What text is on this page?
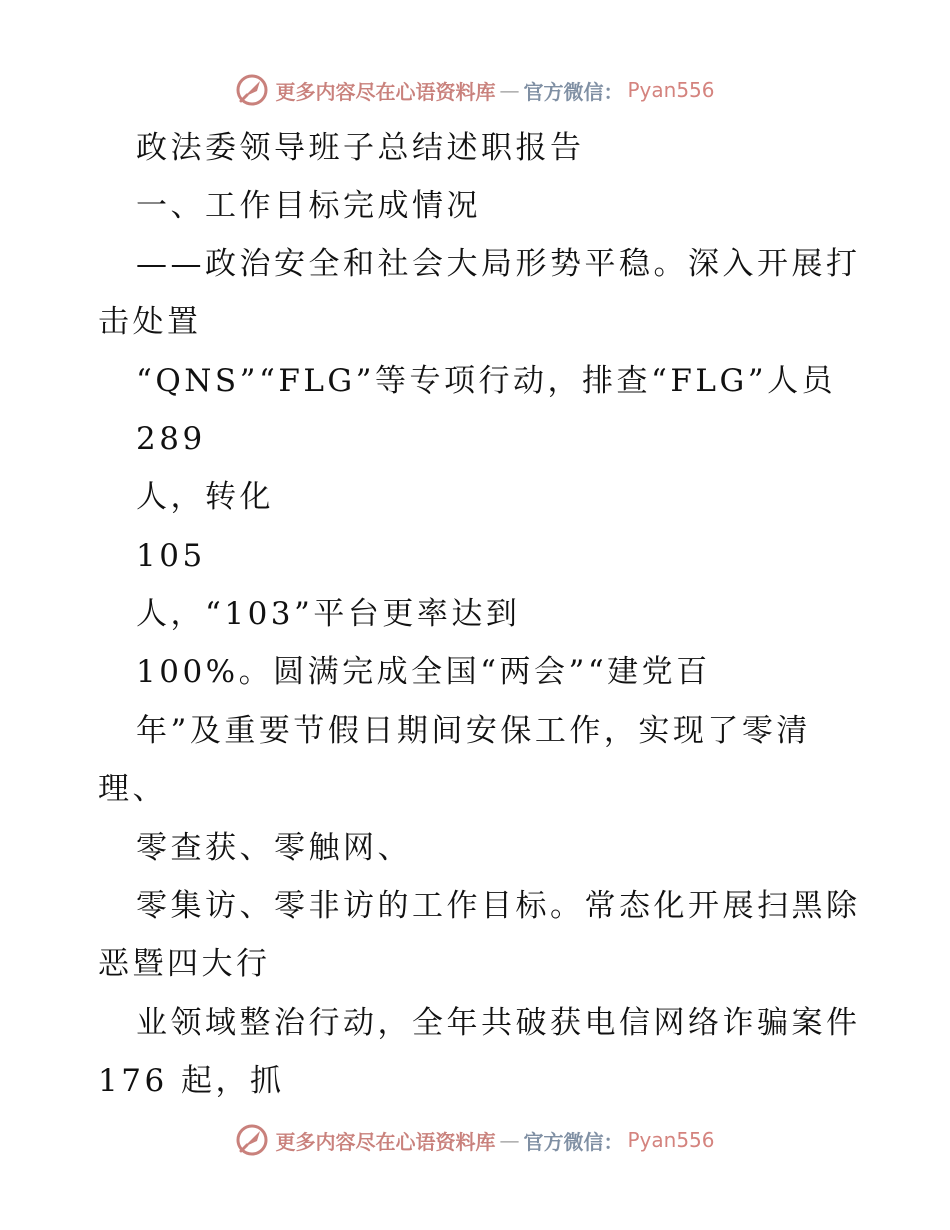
更多内容尽在心语资料库 — 官方微信： Pyan556
政法委领导班子总结述职报告
一、工作目标完成情况
——政治安全和社会大局形势平稳。深入开展打
击处置
“QNS”“FLG”等专项行动，排查“FLG”人员
289
人，转化
105
人，“103”平台更率达到
100%。圆满完成全国“两会”“建党百
年”及重要节假日期间安保工作，实现了零清
理、
零查获、零触网、
零集访、零非访的工作目标。常态化开展扫黑除
恶暨四大行
业领域整治行动，全年共破获电信网络诈骗案件
176 起，抓
更多内容尽在心语资料库 — 官方微信： Pyan556
